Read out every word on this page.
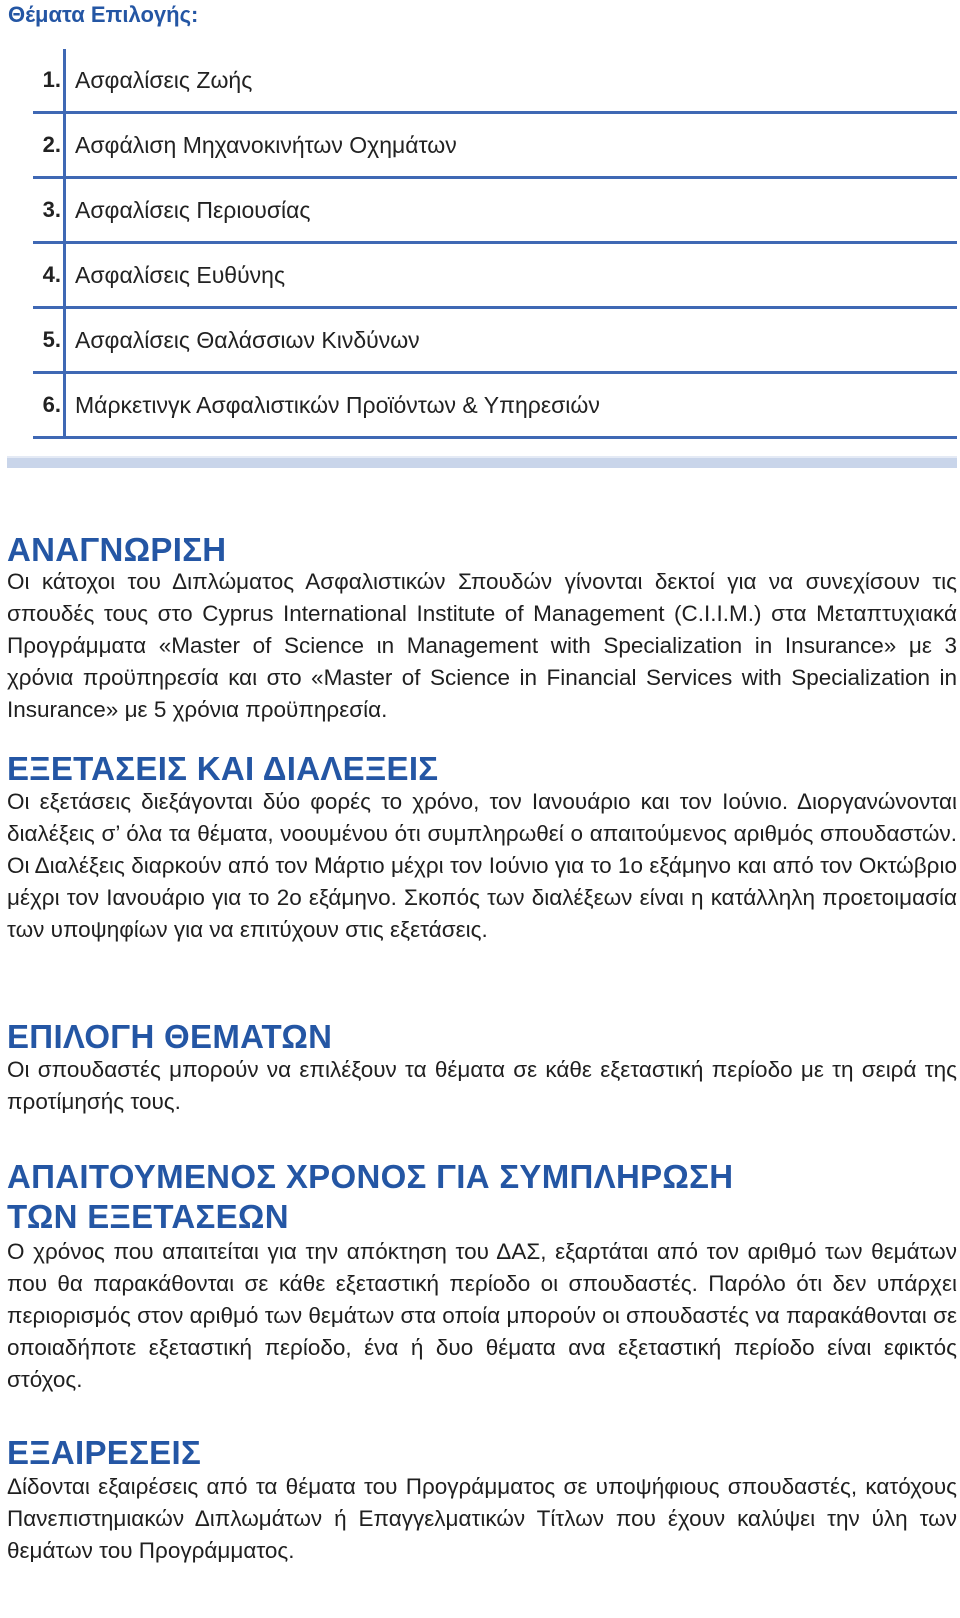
Θέματα Επιλογής:
1. Ασφαλίσεις Ζωής
2. Ασφάλιση Μηχανοκινήτων Οχημάτων
3. Ασφαλίσεις Περιουσίας
4. Ασφαλίσεις Ευθύνης
5. Ασφαλίσεις Θαλάσσιων Κινδύνων
6. Μάρκετινγκ Ασφαλιστικών Προϊόντων & Υπηρεσιών
ΑΝΑΓΝΩΡΙΣΗ

Οι κάτοχοι του Διπλώματος Ασφαλιστικών Σπουδών γίνονται δεκτοί για να συνεχίσουν τις σπουδές τους στο Cyprus International Institute of Management (C.I.I.M.) στα Μεταπτυχιακά Προγράμματα «Master of Science ιn Management with Specialization in Insurance» με 3 χρόνια προϋπηρεσία και στο «Master of Science in Financial Services with Specialization in Insurance» με 5 χρόνια προϋπηρεσία.

ΕΞΕΤΑΣΕΙΣ ΚΑΙ ΔΙΑΛΕΞΕΙΣ

Οι εξετάσεις διεξάγονται δύο φορές το χρόνο, τον Ιανουάριο και τον Ιούνιο. Διοργανώνονται διαλέξεις σ’ όλα τα θέματα, νοουμένου ότι συμπληρωθεί ο απαιτούμενος αριθμός σπουδαστών. Οι Διαλέξεις διαρκούν από τον Μάρτιο μέχρι τον Ιούνιο για το 1ο εξάμηνο και από τον Οκτώβριο μέχρι τον Ιανουάριο για το 2ο εξάμηνο. Σκοπός των διαλέξεων είναι η κατάλληλη προετοιμασία των υποψηφίων για να επιτύχουν στις εξετάσεις.

ΕΠΙΛΟΓΗ ΘΕΜΑΤΩΝ

Οι σπουδαστές μπορούν να επιλέξουν τα θέματα σε κάθε εξεταστική περίοδο με τη σειρά της προτίμησής τους.

ΑΠΑΙΤΟΥΜΕΝΟΣ ΧΡΟΝΟΣ ΓΙΑ ΣΥΜΠΛΗΡΩΣΗ
ΤΩΝ ΕΞΕΤΑΣΕΩΝ

Ο χρόνος που απαιτείται για την απόκτηση του ΔΑΣ, εξαρτάται από τον αριθμό των θεμάτων που θα παρακάθονται σε κάθε εξεταστική περίοδο οι σπουδαστές. Παρόλο ότι δεν υπάρχει περιορισμός στον αριθμό των θεμάτων στα οποία μπορούν οι σπουδαστές να παρακάθονται σε οποιαδήποτε εξεταστική περίοδο, ένα ή δυο θέματα ανα εξεταστική περίοδο είναι εφικτός στόχος.

ΕΞΑΙΡΕΣΕΙΣ

Δίδονται εξαιρέσεις από τα θέματα του Προγράμματος σε υποψήφιους σπουδαστές, κατόχους Πανεπιστημιακών Διπλωμάτων ή Επαγγελματικών Τίτλων που έχουν καλύψει την ύλη των θεμάτων του Προγράμματος.
